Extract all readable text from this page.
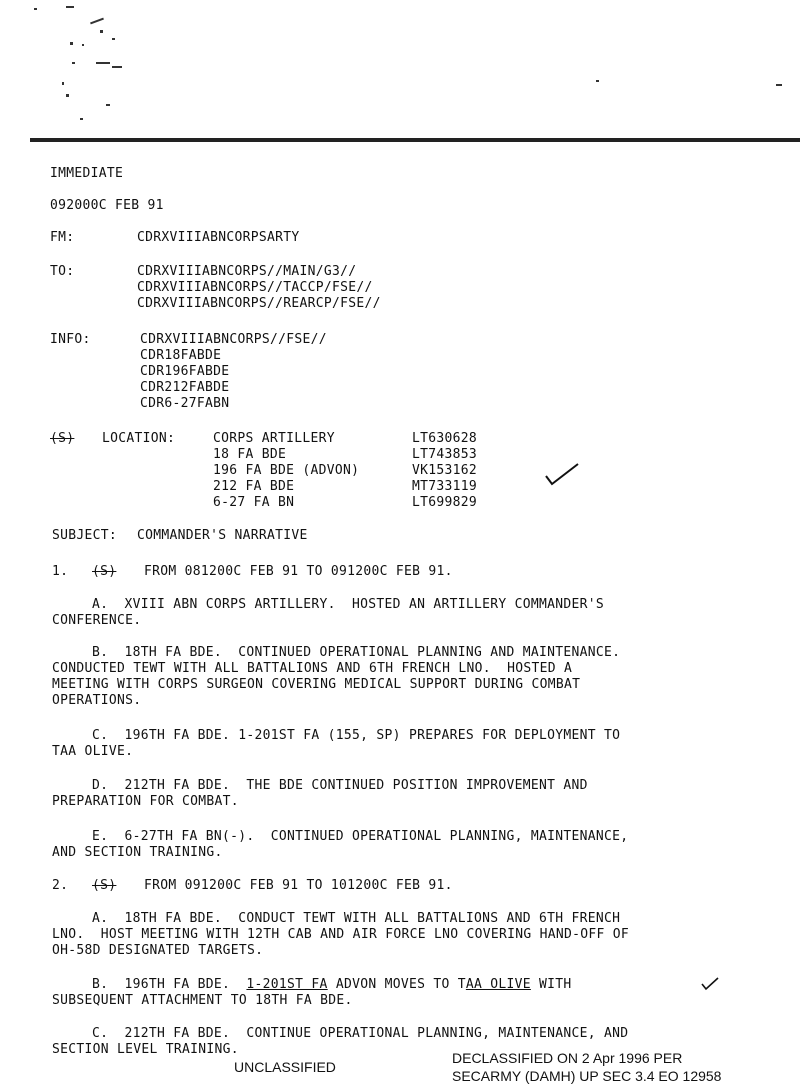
IMMEDIATE
092000C FEB 91
FM:	CDRXVIIIABNCORPSARTY
TO:	CDRXVIIIABNCORPS//MAIN/G3//
CDRXVIIIABNCORPS//TACCP/FSE//
CDRXVIIIABNCORPS//REARCP/FSE//
INFO:	CDRXVIIIABNCORPS//FSE//
CDR18FABDE
CDR196FABDE
CDR212FABDE
CDR6-27FABN
(S) LOCATION:	CORPS ARTILLERY	LT630628
18 FA BDE	LT743853
196 FA BDE (ADVON)	VK153162
212 FA BDE	MT733119
6-27 FA BN	LT699829
SUBJECT: COMMANDER'S NARRATIVE
1. (S) FROM 081200C FEB 91 TO 091200C FEB 91.
A.  XVIII ABN CORPS ARTILLERY.  HOSTED AN ARTILLERY COMMANDER'S
CONFERENCE.
B.  18TH FA BDE.  CONTINUED OPERATIONAL PLANNING AND MAINTENANCE.
CONDUCTED TEWT WITH ALL BATTALIONS AND 6TH FRENCH LNO.  HOSTED A
MEETING WITH CORPS SURGEON COVERING MEDICAL SUPPORT DURING COMBAT
OPERATIONS.
C.  196TH FA BDE. 1-201ST FA (155, SP) PREPARES FOR DEPLOYMENT TO
TAA OLIVE.
D.  212TH FA BDE.  THE BDE CONTINUED POSITION IMPROVEMENT AND
PREPARATION FOR COMBAT.
E.  6-27TH FA BN(-).  CONTINUED OPERATIONAL PLANNING, MAINTENANCE,
AND SECTION TRAINING.
2. (S) FROM 091200C FEB 91 TO 101200C FEB 91.
A.  18TH FA BDE.  CONDUCT TEWT WITH ALL BATTALIONS AND 6TH FRENCH
LNO.  HOST MEETING WITH 12TH CAB AND AIR FORCE LNO COVERING HAND-OFF OF
OH-58D DESIGNATED TARGETS.
B.  196TH FA BDE.  1-201ST FA ADVON MOVES TO TAA OLIVE WITH
SUBSEQUENT ATTACHMENT TO 18TH FA BDE.
C.  212TH FA BDE.  CONTINUE OPERATIONAL PLANNING, MAINTENANCE, AND
SECTION LEVEL TRAINING.
UNCLASSIFIED
DECLASSIFIED ON 2 Apr 1996 PER
SECARMY (DAMH) UP SEC 3.4 EO 12958
